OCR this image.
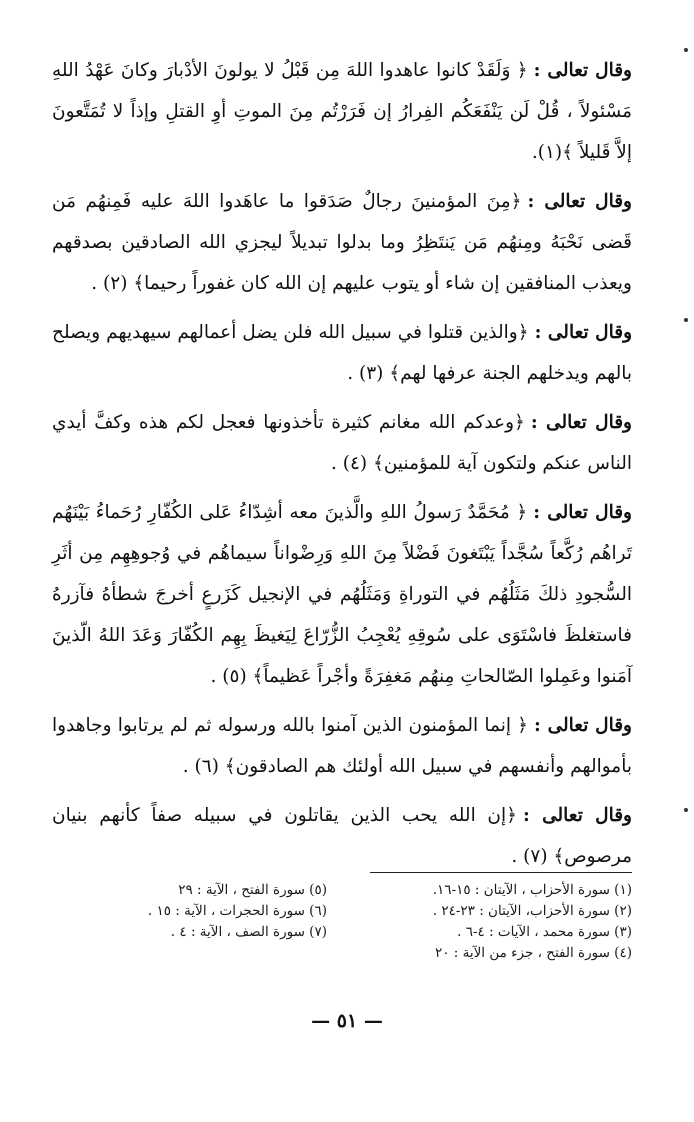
وقال تعالى :﴿ وَلَقَدْ كانوا عاهدوا اللهَ مِن قَبْلُ لا يولونَ الأدْبارَ وكانَ عَهْدُ اللهِ مَسْئولاً ، قُلْ لَن يَنْفَعَكُم الفِرارُ إن فَرَرْتُم مِنَ الموتِ أوِ القتلِ وإذاً لا تُمَتَّعونَ إلاَّ قَليلاً ﴾(١).

وقال تعالى :﴿مِنَ المؤمنينَ رجالٌ صَدَقوا ما عاهَدوا اللهَ عليه فَمِنهُم مَن قَضى نَحْبَهُ ومِنهُم مَن يَنتَظِرُ وما بدلوا تبديلاً ليجزي الله الصادقين بصدقهم ويعذب المنافقين إن شاء أو يتوب عليهم إن الله كان غفوراً رحيما﴾ (٢) .

وقال تعالى :﴿والذين قتلوا في سبيل الله فلن يضل أعمالهم سيهديهم ويصلح بالهم ويدخلهم الجنة عرفها لهم﴾ (٣) .

وقال تعالى :﴿وعدكم الله مغانم كثيرة تأخذونها فعجل لكم هذه وكفَّ أيدي الناس عنكم ولتكون آية للمؤمنين﴾ (٤) .

وقال تعالى :﴿ مُحَمَّدٌ رَسولُ اللهِ والَّذينَ معه أشِدّاءُ عَلى الكُفّارِ رُحَماءُ بَيْنَهُم تَراهُم رُكَّعاً سُجَّداً يَبْتَغونَ فَضْلاً مِنَ اللهِ وَرِضْواناً سيماهُم في وُجوهِهِم مِن أثَرِ السُّجودِ ذلكَ مَثَلُهُم في التوراةِ وَمَثَلُهُم في الإنجيل كَزَرعٍ أخرجَ شطأهُ فآزرهُ فاستغلظَ فاسْتَوَى على سُوقِهِ يُعْجِبُ الزُّرّاعَ لِيَغيظَ بِهِم الكُفّارَ وَعَدَ اللهُ الّذينَ آمَنوا وعَمِلوا الصّالحاتِ مِنهُم مَغفِرَةً وأجْراً عَظيماً﴾ (٥) .

وقال تعالى :﴿ إنما المؤمنون الذين آمنوا بالله ورسوله ثم لم يرتابوا وجاهدوا بأموالهم وأنفسهم في سبيل الله أولئك هم الصادقون﴾ (٦) .

وقال تعالى :﴿إن الله يحب الذين يقاتلون في سبيله صفاً كأنهم بنيان مرصوص﴾ (٧) .

(١) سورة الأحزاب ، الآيتان : ١٥-١٦.
(٢) سورة الأحزاب، الآيتان : ٢٣-٢٤ .
(٣) سورة محمد ، الآيات : ٤-٦ .
(٤) سورة الفتح ، جزء من الآية : ٢٠
(٥) سورة الفتح ، الآية : ٢٩
(٦) سورة الحجرات ، الآية : ١٥ .
(٧) سورة الصف ، الآية : ٤ .
— ٥١ —
